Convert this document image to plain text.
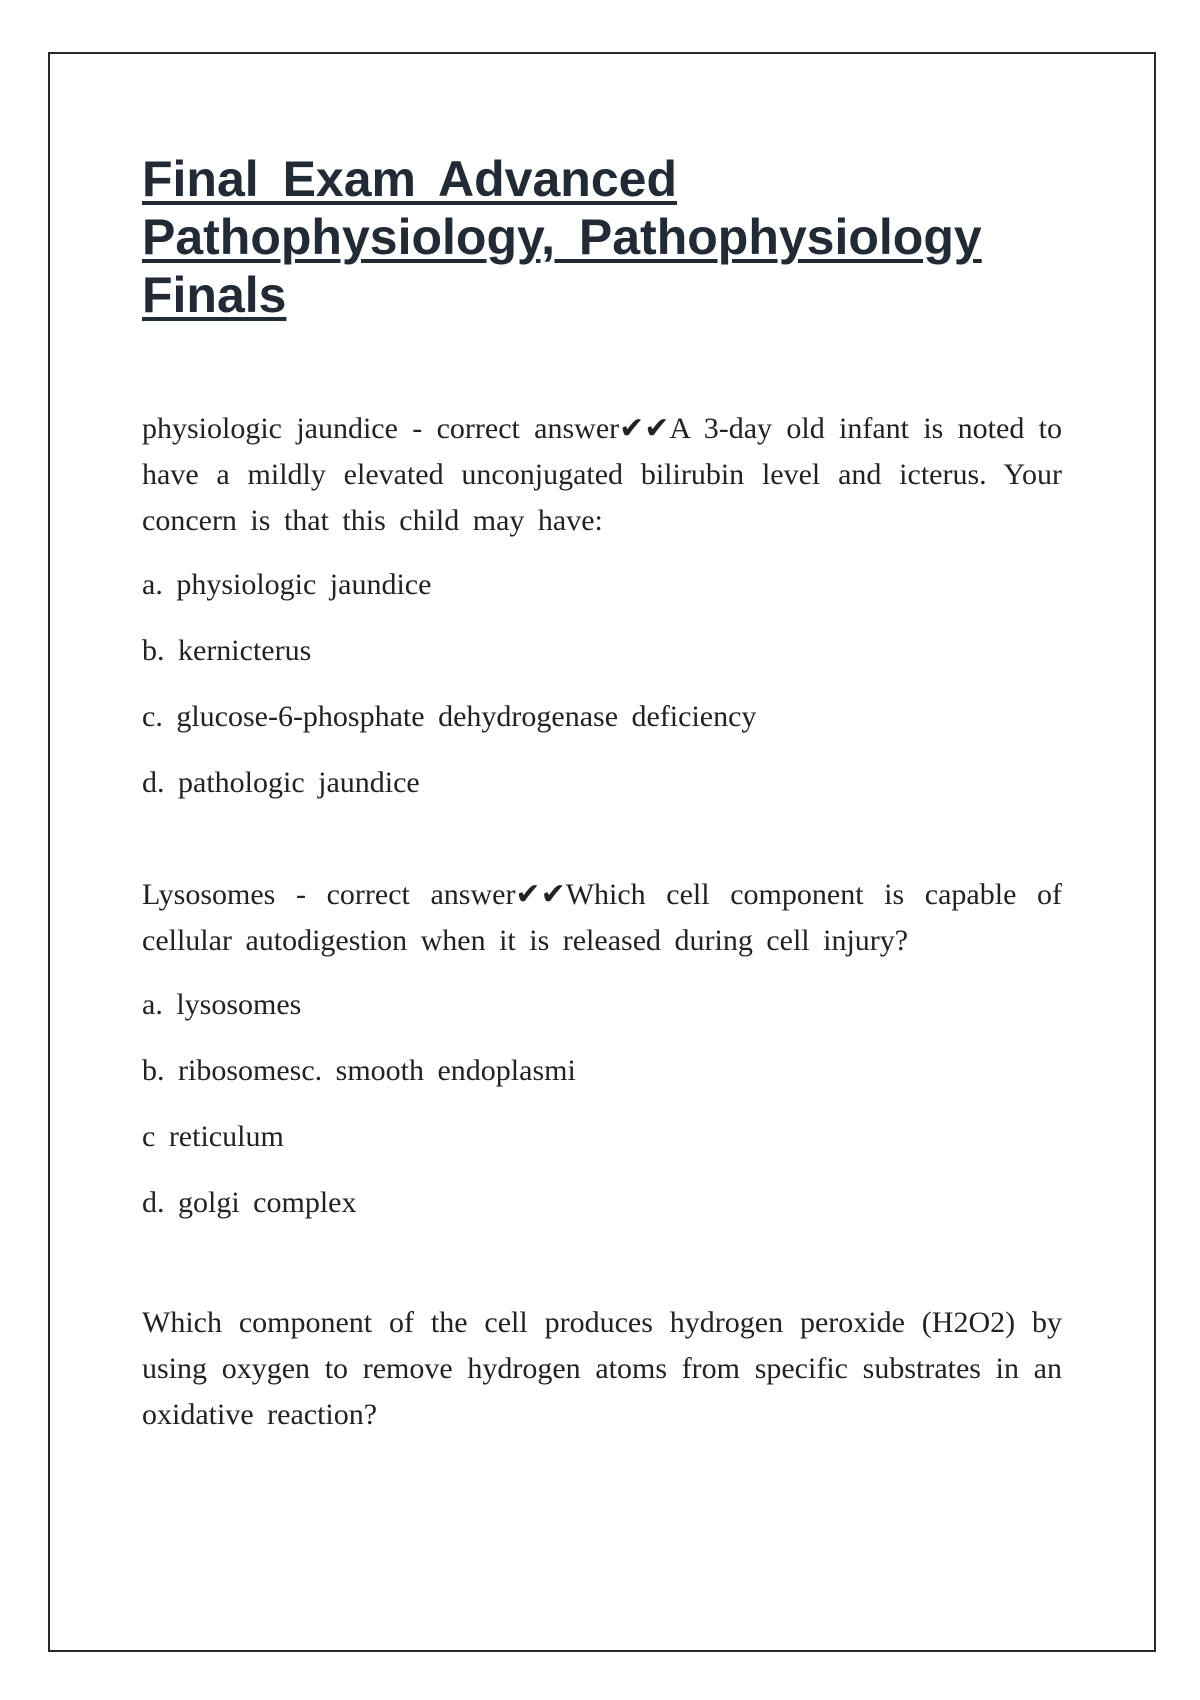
Final Exam Advanced Pathophysiology, Pathophysiology Finals

physiologic jaundice - correct answer✔✔A 3-day old infant is noted to have a mildly elevated unconjugated bilirubin level and icterus. Your concern is that this child may have:

a. physiologic jaundice

b. kernicterus

c. glucose-6-phosphate dehydrogenase deficiency

d. pathologic jaundice

Lysosomes - correct answer✔✔Which cell component is capable of cellular autodigestion when it is released during cell injury?

a. lysosomes

b. ribosomesc. smooth endoplasmi

c reticulum

d. golgi complex

Which component of the cell produces hydrogen peroxide (H2O2) by using oxygen to remove hydrogen atoms from specific substrates in an oxidative reaction?
